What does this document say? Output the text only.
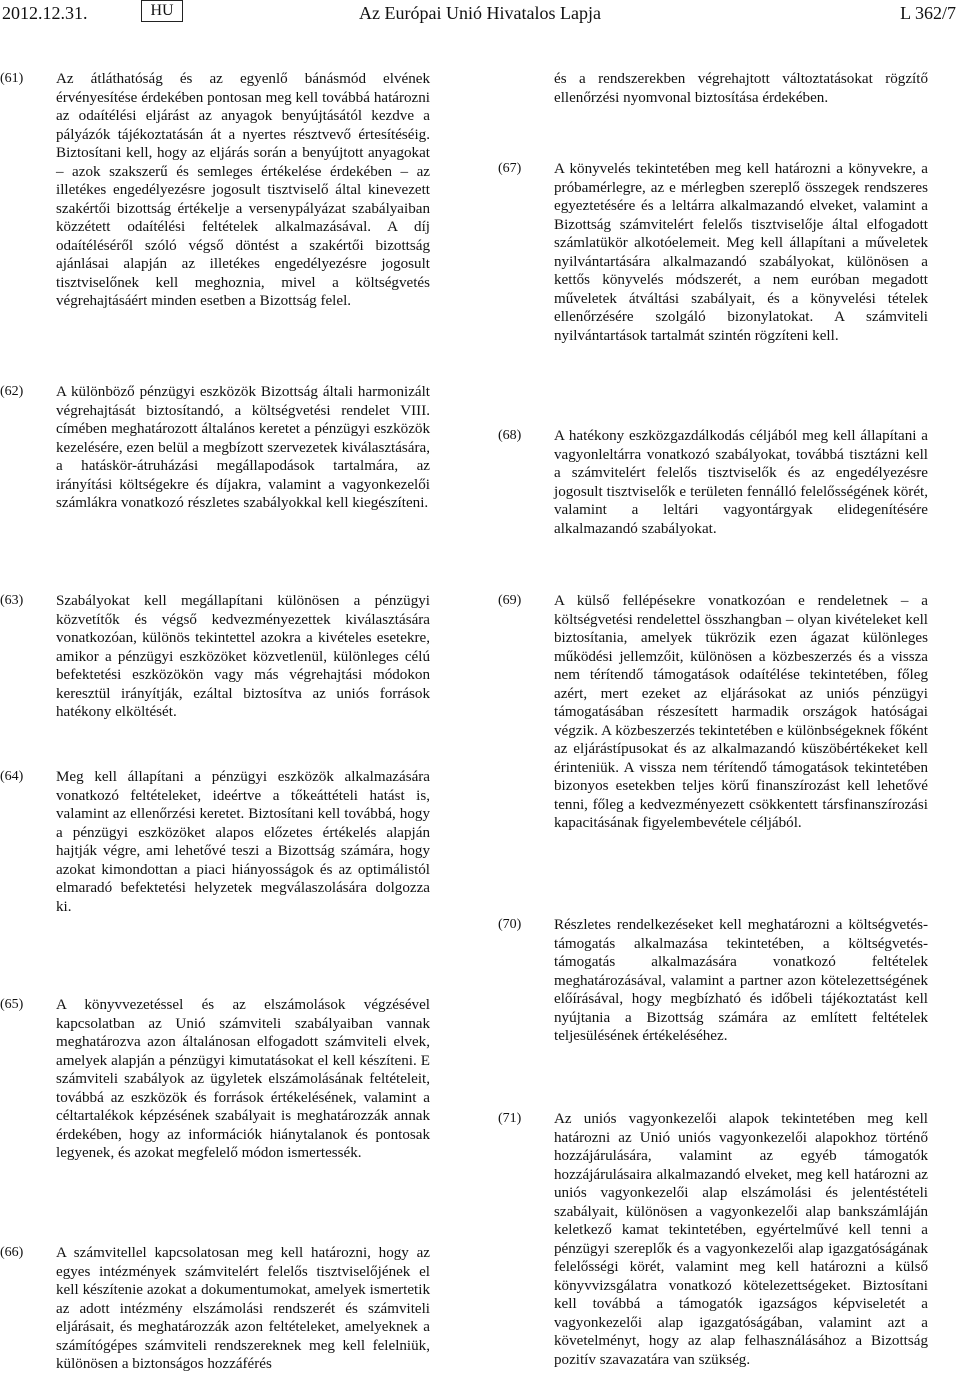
2012.12.31.	HU	Az Európai Unió Hivatalos Lapja	L 362/7
(61)	Az átláthatóság és az egyenlő bánásmód elvének érvényesítése érdekében pontosan meg kell továbbá határozni az odaítélési eljárást az anyagok benyújtásától kezdve a pályázók tájékoztatásán át a nyertes résztvevő értesítéséig. Biztosítani kell, hogy az eljárás során a benyújtott anyagokat – azok szakszerű és semleges értékelése érdekében – az illetékes engedélyezésre jogosult tisztviselő által kinevezett szakértői bizottság értékelje a versenypályázat szabályaiban közzétett odaítélési feltételek alkalmazásával. A díj odaítéléséről szóló végső döntést a szakértői bizottság ajánlásai alapján az illetékes engedélyezésre jogosult tisztviselőnek kell meghoznia, mivel a költségvetés végrehajtásáért minden esetben a Bizottság felel.

(62)	A különböző pénzügyi eszközök Bizottság általi harmonizált végrehajtását biztosítandó, a költségvetési rendelet VIII. címében meghatározott általános keretet a pénzügyi eszközök kezelésére, ezen belül a megbízott szervezetek kiválasztására, a hatáskör-átruházási megállapodások tartalmára, az irányítási költségekre és díjakra, valamint a vagyonkezelői számlákra vonatkozó részletes szabályokkal kell kiegészíteni.

és a rendszerekben végrehajtott változtatásokat rögzítő ellenőrzési nyomvonal biztosítása érdekében.

(67)	A könyvelés tekintetében meg kell határozni a könyvekre, a próbamérlegre, az e mérlegben szereplő összegek rendszeres egyeztetésére és a leltárra alkalmazandó elveket, valamint a Bizottság számvitelért felelős tisztviselője által elfogadott számlatükör alkotóelemeit. Meg kell állapítani a műveletek nyilvántartására alkalmazandó szabályokat, különösen a kettős könyvelés módszerét, a nem euróban megadott műveletek átváltási szabályait, és a könyvelési tételek ellenőrzésére szolgáló bizonylatokat. A számviteli nyilvántartások tartalmát szintén rögzíteni kell.

(68)	A hatékony eszközgazdálkodás céljából meg kell állapítani a vagyonleltárra vonatkozó szabályokat, továbbá tisztázni kell a számvitelért felelős tisztviselők és az engedélyezésre jogosult tisztviselők e területen fennálló felelősségének körét, valamint a leltári vagyontárgyak elidegenítésére alkalmazandó szabályokat.

(63)	Szabályokat kell megállapítani különösen a pénzügyi közvetítők és végső kedvezményezettek kiválasztására vonatkozóan, különös tekintettel azokra a kivételes esetekre, amikor a pénzügyi eszközöket közvetlenül, különleges célú befektetési eszközökön vagy más végrehajtási módokon keresztül irányítják, ezáltal biztosítva az uniós források hatékony elköltését.

(64)	Meg kell állapítani a pénzügyi eszközök alkalmazására vonatkozó feltételeket, ideértve a tőkeáttételi hatást is, valamint az ellenőrzési keretet. Biztosítani kell továbbá, hogy a pénzügyi eszközöket alapos előzetes értékelés alapján hajtják végre, ami lehetővé teszi a Bizottság számára, hogy azokat kimondottan a piaci hiányosságok és az optimálistól elmaradó befektetési helyzetek megválaszolására dolgozza ki.

(65)	A könyvvezetéssel és az elszámolások végzésével kapcsolatban az Unió számviteli szabályaiban vannak meghatározva azon általánosan elfogadott számviteli elvek, amelyek alapján a pénzügyi kimutatásokat el kell készíteni. E számviteli szabályok az ügyletek elszámolásának feltételeit, továbbá az eszközök és források értékelésének, valamint a céltartalékok képzésének szabályait is meghatározzák annak érdekében, hogy az információk hiánytalanok és pontosak legyenek, és azokat megfelelő módon ismertessék.

(66)	A számvitellel kapcsolatosan meg kell határozni, hogy az egyes intézmények számvitelért felelős tisztviselőjének el kell készítenie azokat a dokumentumokat, amelyek ismertetik az adott intézmény elszámolási rendszerét és számviteli eljárásait, és meghatározzák azon feltételeket, amelyeknek a számítógépes számviteli rendszereknek meg kell felelniük, különösen a biztonságos hozzáférés

(69)	A külső fellépésekre vonatkozóan e rendeletnek – a költségvetési rendelettel összhangban – olyan kivételeket kell biztosítania, amelyek tükrözik ezen ágazat különleges működési jellemzőit, különösen a közbeszerzés és a vissza nem térítendő támogatások odaítélése tekintetében, főleg azért, mert ezeket az eljárásokat az uniós pénzügyi támogatásában részesített harmadik országok hatóságai végzik. A közbeszerzés tekintetében e különbségeknek főként az eljárástípusokat és az alkalmazandó küszöbértékeket kell érinteniük. A vissza nem térítendő támogatások tekintetében bizonyos esetekben teljes körű finanszírozást kell lehetővé tenni, főleg a kedvezményezett csökkentett társfinanszírozási kapacitásának figyelembevétele céljából.

(70)	Részletes rendelkezéseket kell meghatározni a költségvetés-támogatás alkalmazása tekintetében, a költségvetés-támogatás alkalmazására vonatkozó feltételek meghatározásával, valamint a partner azon kötelezettségének előírásával, hogy megbízható és időbeli tájékoztatást kell nyújtania a Bizottság számára az említett feltételek teljesülésének értékeléséhez.

(71)	Az uniós vagyonkezelői alapok tekintetében meg kell határozni az Unió uniós vagyonkezelői alapokhoz történő hozzájárulására, valamint az egyéb támogatók hozzájárulásaira alkalmazandó elveket, meg kell határozni az uniós vagyonkezelői alap elszámolási és jelentéstételi szabályait, különösen a vagyonkezelői alap bankszámláján keletkező kamat tekintetében, egyértelművé kell tenni a pénzügyi szereplők és a vagyonkezelői alap igazgatóságának felelősségi körét, valamint meg kell határozni a külső könyvvizsgálatra vonatkozó kötelezettségeket. Biztosítani kell továbbá a támogatók igazságos képviseletét a vagyonkezelői alap igazgatóságában, valamint azt a követelményt, hogy az alap felhasználásához a Bizottság pozitív szavazatára van szükség.
